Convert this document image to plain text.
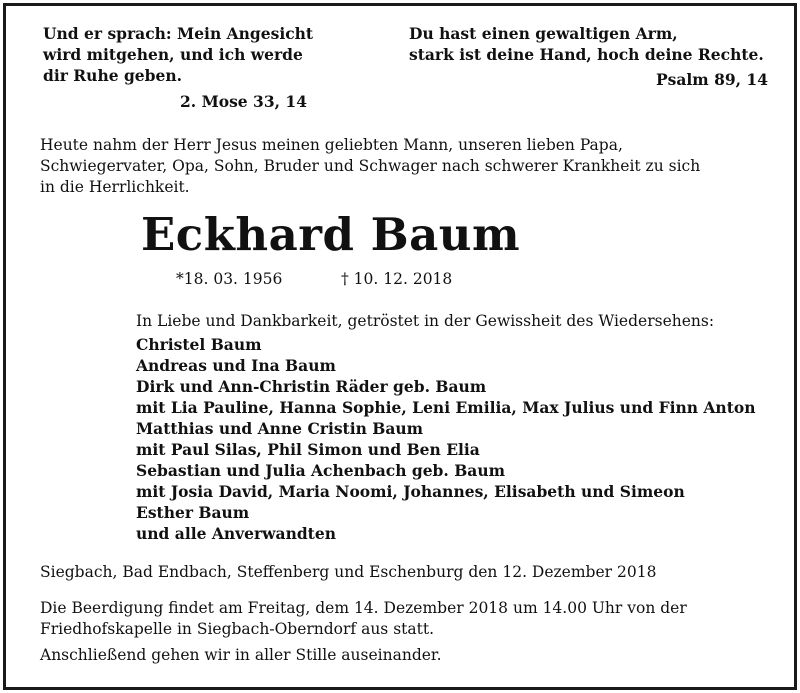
Und er sprach: Mein Angesicht
wird mitgehen, und ich werde
dir Ruhe geben.
2. Mose 33, 14
Du hast einen gewaltigen Arm,
stark ist deine Hand, hoch deine Rechte.
Psalm 89, 14
Heute nahm der Herr Jesus meinen geliebten Mann, unseren lieben Papa,
Schwiegervater, Opa, Sohn, Bruder und Schwager nach schwerer Krankheit zu sich
in die Herrlichkeit.
Eckhard Baum
*18. 03. 1956	† 10. 12. 2018
In Liebe und Dankbarkeit, getröstet in der Gewissheit des Wiedersehens:
Christel Baum
Andreas und Ina Baum
Dirk und Ann-Christin Räder geb. Baum
mit Lia Pauline, Hanna Sophie, Leni Emilia, Max Julius und Finn Anton
Matthias und Anne Cristin Baum
mit Paul Silas, Phil Simon und Ben Elia
Sebastian und Julia Achenbach geb. Baum
mit Josia David, Maria Noomi, Johannes, Elisabeth und Simeon
Esther Baum
und alle Anverwandten
Siegbach, Bad Endbach, Steffenberg und Eschenburg den 12. Dezember 2018
Die Beerdigung findet am Freitag, dem 14. Dezember 2018 um 14.00 Uhr von der
Friedhofskapelle in Siegbach-Oberndorf aus statt.
Anschließend gehen wir in aller Stille auseinander.
